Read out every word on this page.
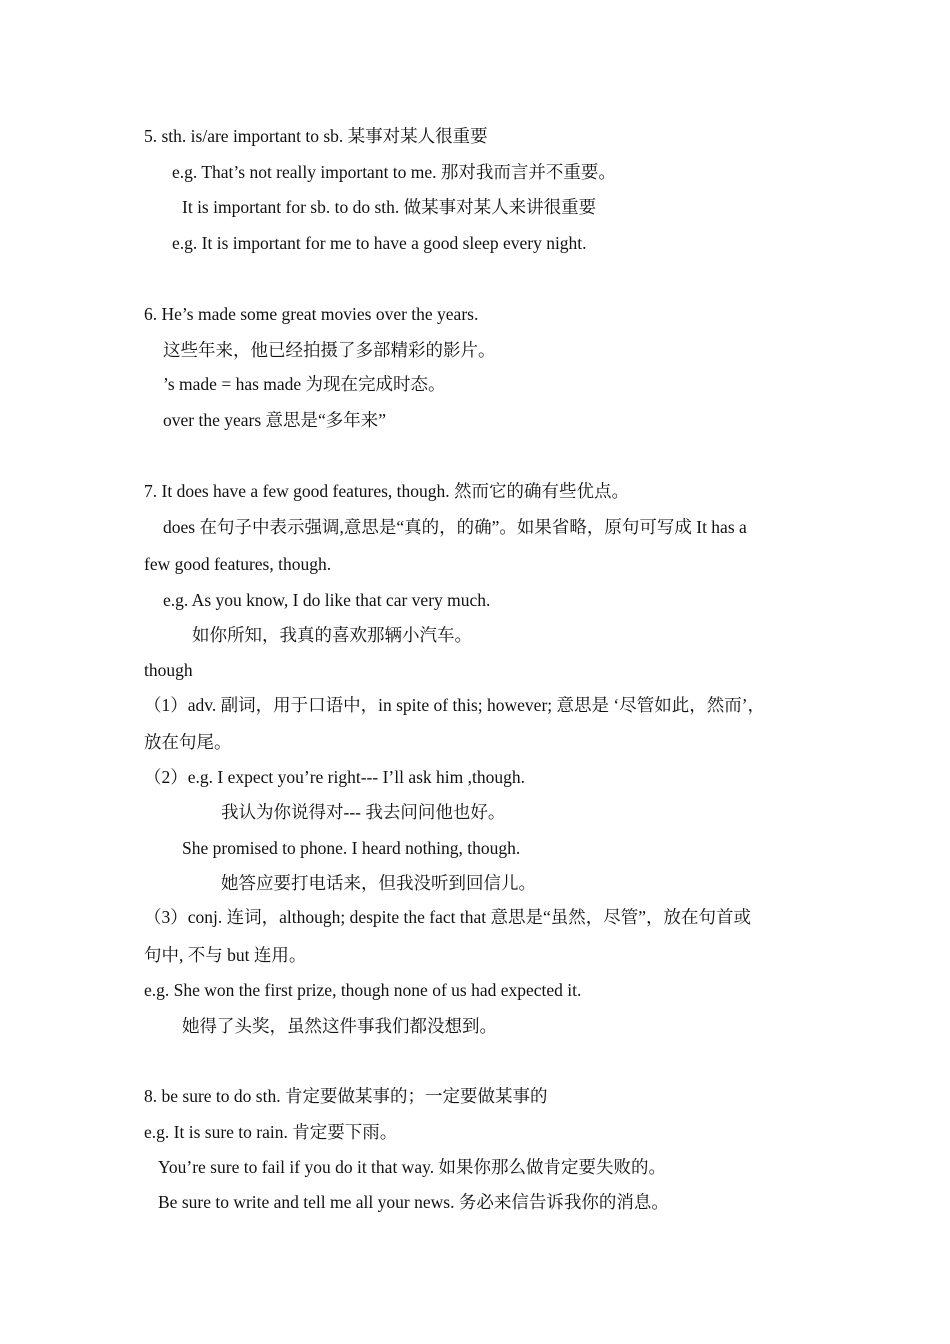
5. sth. is/are important to sb. 某事对某人很重要

e.g. That’s not really important to me. 那对我而言并不重要。

It is important for sb. to do sth. 做某事对某人来讲很重要

e.g. It is important for me to have a good sleep every night.

6. He’s made some great movies over the years.

这些年来，他已经拍摄了多部精彩的影片。

’s made = has made 为现在完成时态。

over the years 意思是“多年来”

7. It does have a few good features, though. 然而它的确有些优点。

does 在句子中表示强调,意思是“真的，的确”。如果省略，原句可写成 It has a

few good features, though.

e.g. As you know, I do like that car very much.

如你所知，我真的喜欢那辆小汽车。

though

（1）adv. 副词，用于口语中，in spite of this; however; 意思是 ‘尽管如此，然而’，

放在句尾。

（2）e.g. I expect you’re right--- I’ll ask him ,though.

我认为你说得对--- 我去问问他也好。

She promised to phone. I heard nothing, though.

她答应要打电话来，但我没听到回信儿。

（3）conj. 连词，although; despite the fact that 意思是“虽然，尽管”，放在句首或

句中, 不与 but 连用。

e.g. She won the first prize, though none of us had expected it.

她得了头奖，虽然这件事我们都没想到。

8. be sure to do sth. 肯定要做某事的；一定要做某事的

e.g. It is sure to rain. 肯定要下雨。

You’re sure to fail if you do it that way. 如果你那么做肯定要失败的。

Be sure to write and tell me all your news. 务必来信告诉我你的消息。
